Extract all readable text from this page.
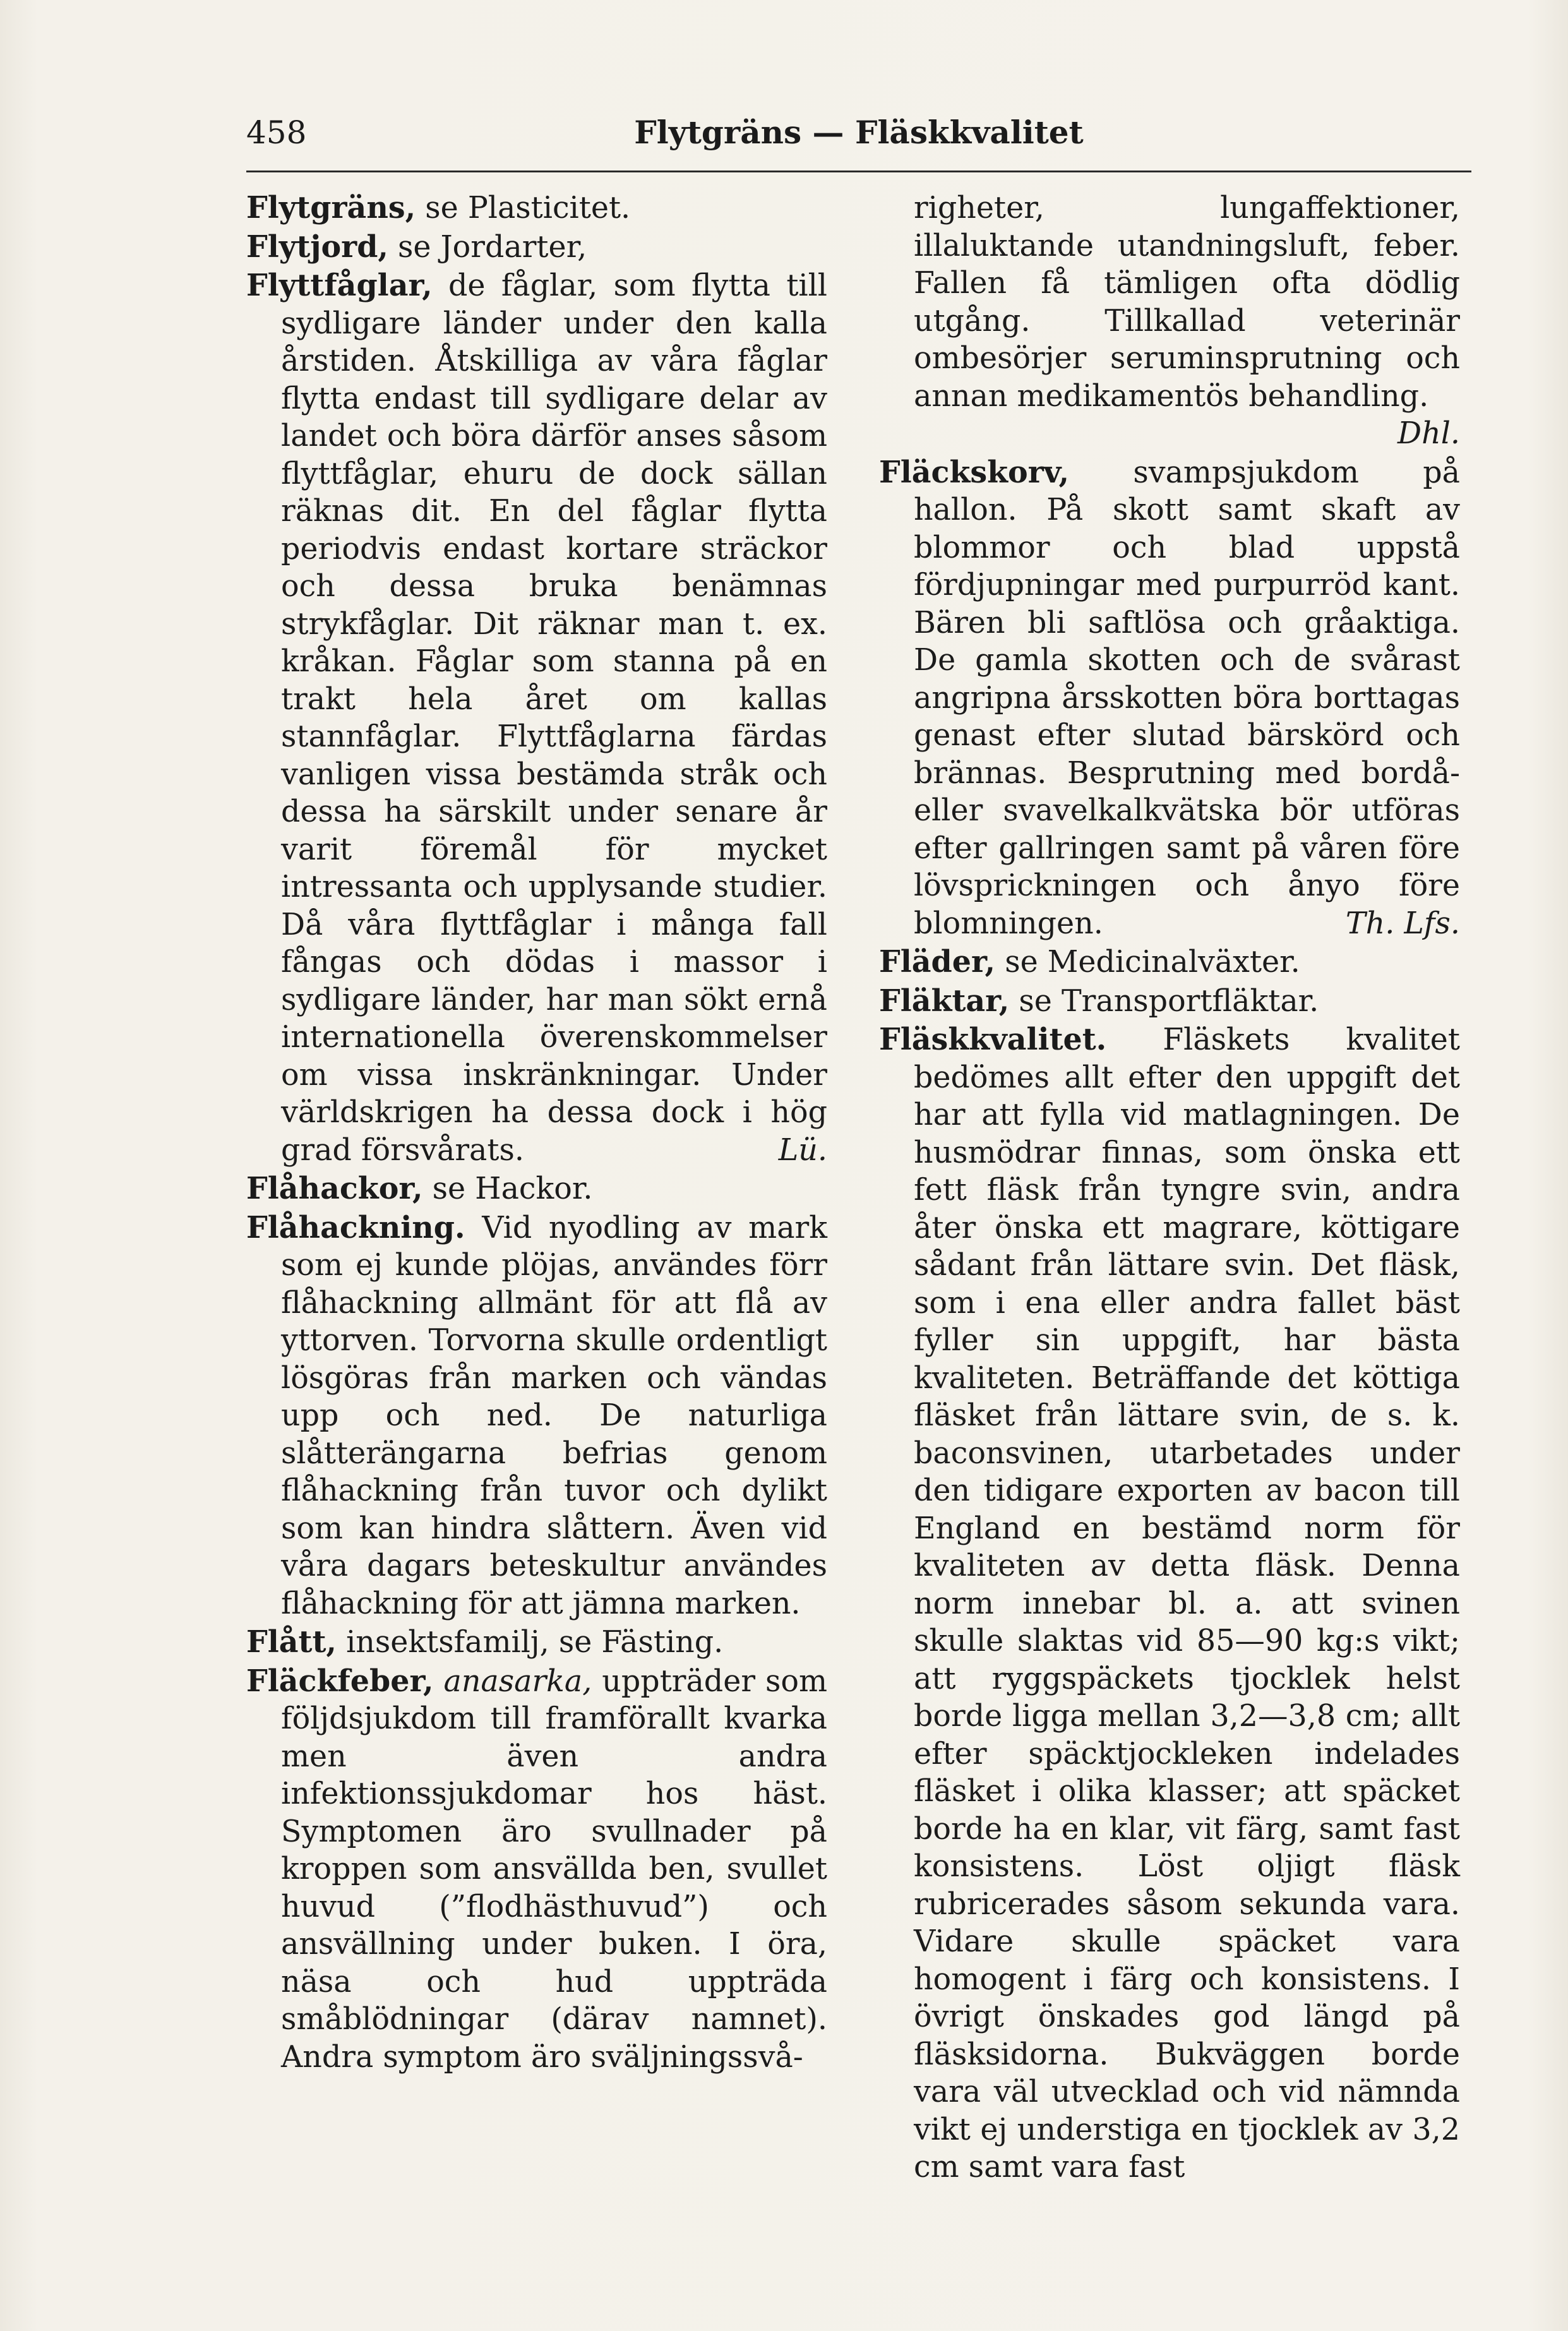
458	Flytgräns — Fläskkvalitet

Flytgräns, se Plasticitet.

Flytjord, se Jordarter,

Flyttfåglar, de fåglar, som flytta till sydligare länder under den kalla årstiden. Åtskilliga av våra fåglar flytta endast till sydligare delar av landet och böra därför anses såsom flyttfåglar, ehuru de dock sällan räknas dit. En del fåglar flytta periodvis endast kortare sträckor och dessa bruka benämnas strykfåglar. Dit räknar man t. ex. kråkan. Fåglar som stanna på en trakt hela året om kallas stannfåglar. Flyttfåglarna färdas vanligen vissa bestämda stråk och dessa ha särskilt under senare år varit föremål för mycket intressanta och upplysande studier. Då våra flyttfåglar i många fall fångas och dödas i massor i sydligare länder, har man sökt ernå internationella överenskommelser om vissa inskränkningar. Under världskrigen ha dessa dock i hög grad försvårats.	Lü.

Flåhackor, se Hackor.

Flåhackning. Vid nyodling av mark som ej kunde plöjas, användes förr flåhackning allmänt för att flå av yttorven. Torvorna skulle ordentligt lösgöras från marken och vändas upp och ned. De naturliga slåtterängarna befrias genom flåhackning från tuvor och dylikt som kan hindra slåttern. Även vid våra dagars beteskultur användes flåhackning för att jämna marken.

Flått, insektsfamilj, se Fästing.

Fläckfeber, anasarka, uppträder som följdsjukdom till framförallt kvarka men även andra infektionssjukdomar hos häst. Symptomen äro svullnader på kroppen som ansvällda ben, svullet huvud (”flodhästhuvud”) och ansvällning under buken. I öra, näsa och hud uppträda småblödningar (därav namnet). Andra symptom äro sväljningssvå-

righeter, lungaffektioner, illaluktande utandningsluft, feber. Fallen få tämligen ofta dödlig utgång. Tillkallad veterinär ombesörjer seruminsprutning och annan medikamentös behandling.
Dhl.

Fläckskorv, svampsjukdom på hallon. På skott samt skaft av blommor och blad uppstå fördjupningar med purpurröd kant. Bären bli saftlösa och gråaktiga. De gamla skotten och de svårast angripna årsskotten böra borttagas genast efter slutad bärskörd och brännas. Besprutning med bordå- eller svavelkalkvätska bör utföras efter gallringen samt på våren före lövsprickningen och ånyo före blomningen.	Th. Lfs.

Fläder, se Medicinalväxter.

Fläktar, se Transportfläktar.

Fläskkvalitet. Fläskets kvalitet bedömes allt efter den uppgift det har att fylla vid matlagningen. De husmödrar finnas, som önska ett fett fläsk från tyngre svin, andra åter önska ett magrare, köttigare sådant från lättare svin. Det fläsk, som i ena eller andra fallet bäst fyller sin uppgift, har bästa kvaliteten. Beträffande det köttiga fläsket från lättare svin, de s. k. baconsvinen, utarbetades under den tidigare exporten av bacon till England en bestämd norm för kvaliteten av detta fläsk. Denna norm innebar bl. a. att svinen skulle slaktas vid 85—90 kg:s vikt; att ryggspäckets tjocklek helst borde ligga mellan 3,2—3,8 cm; allt efter späcktjockleken indelades fläsket i olika klasser; att späcket borde ha en klar, vit färg, samt fast konsistens. Löst oljigt fläsk rubricerades såsom sekunda vara. Vidare skulle späcket vara homogent i färg och konsistens. I övrigt önskades god längd på fläsksidorna. Bukväggen borde vara väl utvecklad och vid nämnda vikt ej understiga en tjocklek av 3,2 cm samt vara fast
